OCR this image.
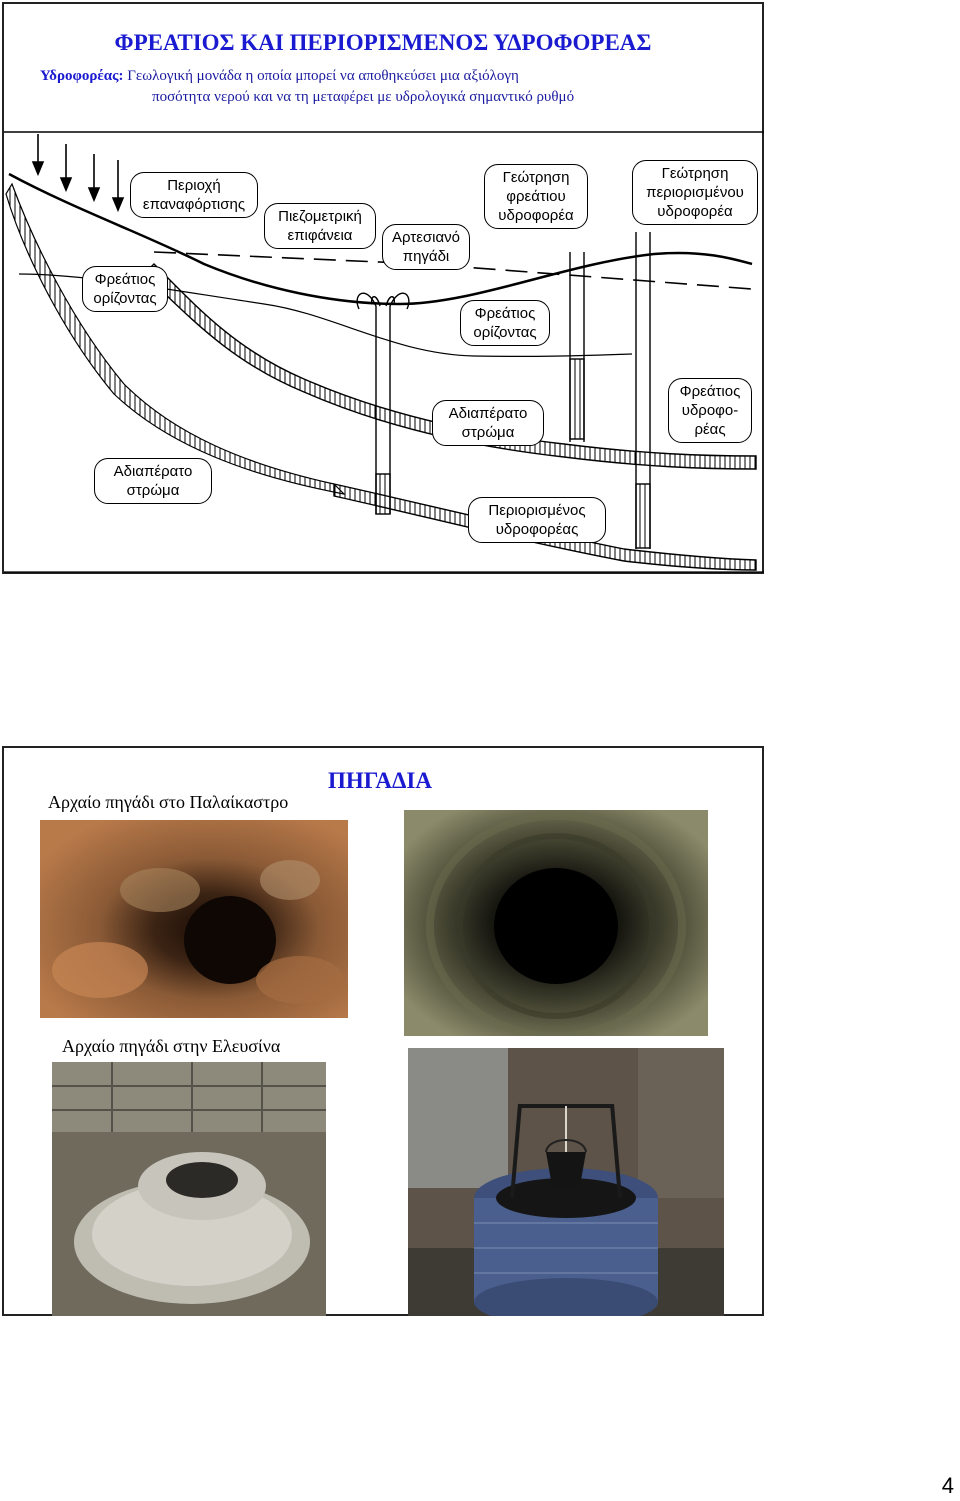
ΦΡΕΑΤΙΟΣ ΚΑΙ ΠΕΡΙΟΡΙΣΜΕΝΟΣ ΥΔΡΟΦΟΡΕΑΣ
Υδροφορέας: Γεωλογική μονάδα η οποία μπορεί να αποθηκεύσει μια αξιόλογη
ποσότητα νερού και να τη μεταφέρει με υδρολογικά σημαντικό ρυθμό
Περιοχή επαναφόρτισης
Πιεζομετρική επιφάνεια	Αρτεσιανό πηγάδι
Γεώτρηση φρεάτιου υδροφορέα
Γεώτρηση περιορισμένου υδροφορέα
Φρεάτιος ορίζοντας
Φρεάτιος ορίζοντας
Αδιαπέρατο στρώμα
Φρεάτιος υδροφο-ρέας
Αδιαπέρατο στρώμα
Περιορισμένος υδροφορέας
ΠΗΓΑΔΙΑ
Αρχαίο πηγάδι στο Παλαίκαστρο
Αρχαίο πηγάδι στην Ελευσίνα
4
